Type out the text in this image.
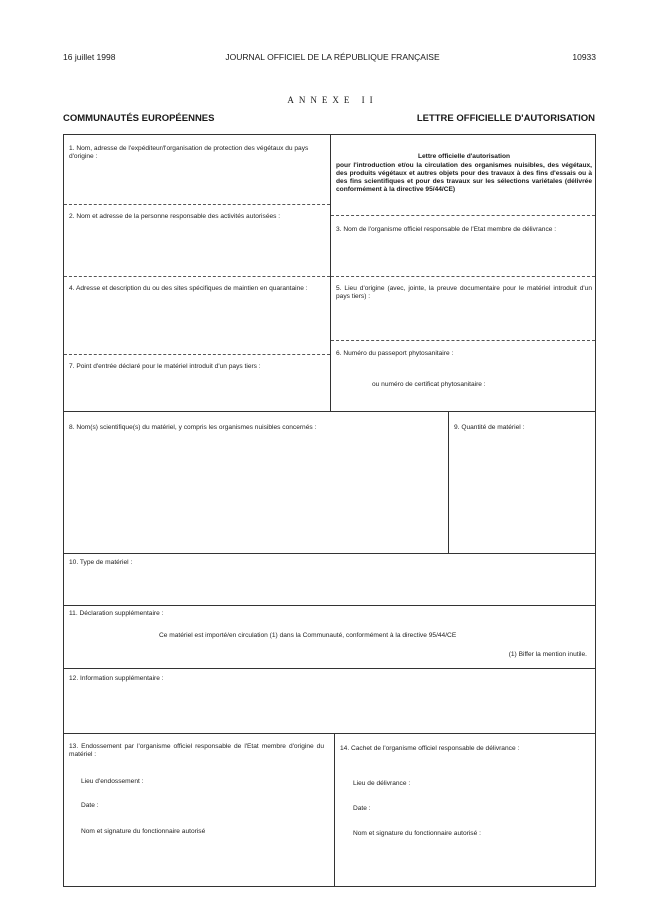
16 juillet 1998	JOURNAL OFFICIEL DE LA RÉPUBLIQUE FRANÇAISE	10933
ANNEXE II
COMMUNAUTÉS EUROPÉENNES	LETTRE OFFICIELLE D'AUTORISATION
1. Nom, adresse de l'expéditeur/l'organisation de protection des végétaux du pays d'origine :	Lettre officielle d'autorisation
pour l'introduction et/ou la circulation des organismes nuisibles, des végétaux, des produits végétaux et autres objets pour des travaux à des fins d'essais ou à des fins scientifiques et pour des travaux sur les sélections variétales (délivrée conformément à la directive 95/44/CE)
2. Nom et adresse de la personne responsable des activités autorisées :
3. Nom de l'organisme officiel responsable de l'Etat membre de délivrance :
4. Adresse et description du ou des sites spécifiques de maintien en quarantaine :	5. Lieu d'origine (avec, jointe, la preuve documentaire pour le matériel introduit d'un pays tiers) :
6. Numéro du passeport phytosanitaire :
ou numéro de certificat phytosanitaire :
7. Point d'entrée déclaré pour le matériel introduit d'un pays tiers :
8. Nom(s) scientifique(s) du matériel, y compris les organismes nuisibles concernés :	9. Quantité de matériel :
10. Type de matériel :
11. Déclaration supplémentaire :
Ce matériel est importé/en circulation (1) dans la Communauté, conformément à la directive 95/44/CE
(1) Biffer la mention inutile.
12. Information supplémentaire :
13. Endossement par l'organisme officiel responsable de l'Etat membre d'origine du matériel :
Lieu d'endossement :
Date :
Nom et signature du fonctionnaire autorisé
14. Cachet de l'organisme officiel responsable de délivrance :
Lieu de délivrance :
Date :
Nom et signature du fonctionnaire autorisé :
